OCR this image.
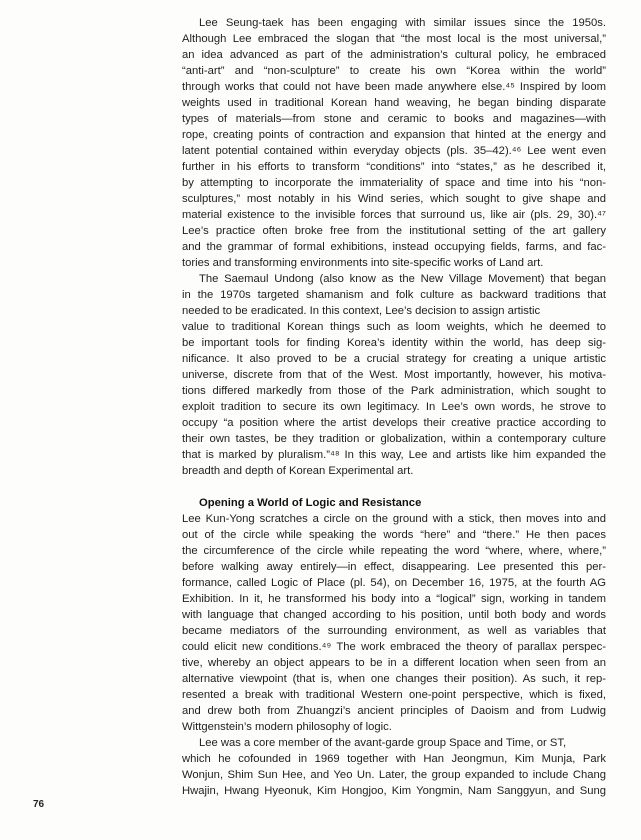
Lee Seung-taek has been engaging with similar issues since the 1950s.
Although Lee embraced the slogan that “the most local is the most universal,”
an idea advanced as part of the administration’s cultural policy, he embraced
“anti-art” and “non-sculpture” to create his own “Korea within the world”
through works that could not have been made anywhere else.⁴⁵ Inspired by loom
weights used in traditional Korean hand weaving, he began binding disparate
types of materials—from stone and ceramic to books and magazines—with
rope, creating points of contraction and expansion that hinted at the energy and
latent potential contained within everyday objects (pls. 35–42).⁴⁶ Lee went even
further in his efforts to transform “conditions” into “states,” as he described it,
by attempting to incorporate the immateriality of space and time into his “non-
sculptures,” most notably in his Wind series, which sought to give shape and
material existence to the invisible forces that surround us, like air (pls. 29, 30).⁴⁷
Lee’s practice often broke free from the institutional setting of the art gallery
and the grammar of formal exhibitions, instead occupying fields, farms, and fac-
tories and transforming environments into site-specific works of Land art.
The Saemaul Undong (also know as the New Village Movement) that began
in the 1970s targeted shamanism and folk culture as backward traditions that
needed to be eradicated. In this context, Lee’s decision to assign artistic
value to traditional Korean things such as loom weights, which he deemed to
be important tools for finding Korea’s identity within the world, has deep sig-
nificance. It also proved to be a crucial strategy for creating a unique artistic
universe, discrete from that of the West. Most importantly, however, his motiva-
tions differed markedly from those of the Park administration, which sought to
exploit tradition to secure its own legitimacy. In Lee’s own words, he strove to
occupy “a position where the artist develops their creative practice according to
their own tastes, be they tradition or globalization, within a contemporary culture
that is marked by pluralism.”⁴⁸ In this way, Lee and artists like him expanded the
breadth and depth of Korean Experimental art.
Opening a World of Logic and Resistance
Lee Kun-Yong scratches a circle on the ground with a stick, then moves into and
out of the circle while speaking the words “here” and “there.” He then paces
the circumference of the circle while repeating the word “where, where, where,”
before walking away entirely—in effect, disappearing. Lee presented this per-
formance, called Logic of Place (pl. 54), on December 16, 1975, at the fourth AG
Exhibition. In it, he transformed his body into a “logical” sign, working in tandem
with language that changed according to his position, until both body and words
became mediators of the surrounding environment, as well as variables that
could elicit new conditions.⁴⁹ The work embraced the theory of parallax perspec-
tive, whereby an object appears to be in a different location when seen from an
alternative viewpoint (that is, when one changes their position). As such, it rep-
resented a break with traditional Western one-point perspective, which is fixed,
and drew both from Zhuangzi’s ancient principles of Daoism and from Ludwig
Wittgenstein’s modern philosophy of logic.
Lee was a core member of the avant-garde group Space and Time, or ST,
which he cofounded in 1969 together with Han Jeongmun, Kim Munja, Park
Wonjun, Shim Sun Hee, and Yeo Un. Later, the group expanded to include Chang
Hwajin, Hwang Hyeonuk, Kim Hongjoo, Kim Yongmin, Nam Sanggyun, and Sung
76
